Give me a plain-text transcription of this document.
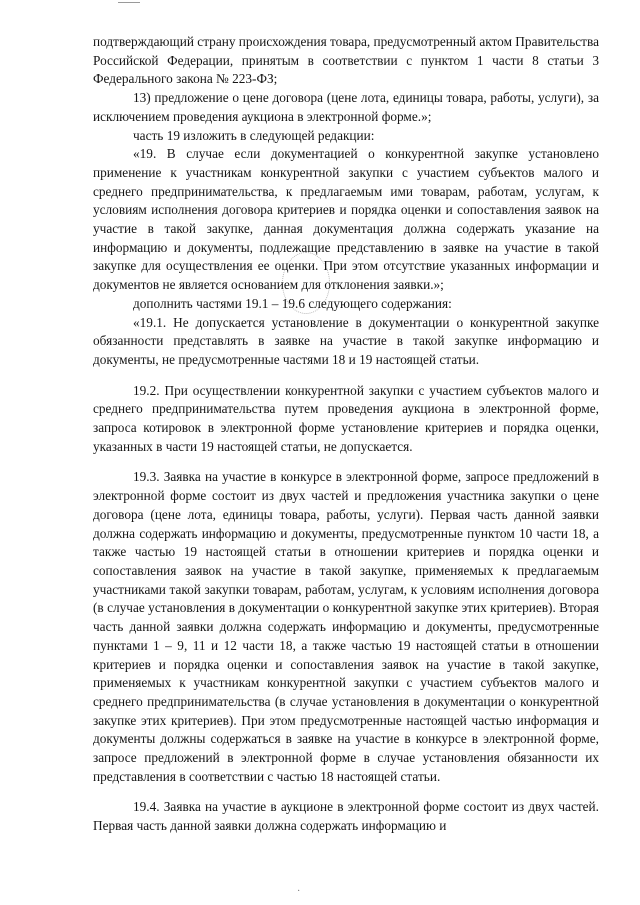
подтверждающий страну происхождения товара, предусмотренный актом Правительства Российской Федерации, принятым в соответствии с пунктом 1 части 8 статьи 3 Федерального закона № 223-ФЗ;

13) предложение о цене договора (цене лота, единицы товара, работы, услуги), за исключением проведения аукциона в электронной форме.»;

часть 19 изложить в следующей редакции:

«19. В случае если документацией о конкурентной закупке установлено применение к участникам конкурентной закупки с участием субъектов малого и среднего предпринимательства, к предлагаемым ими товарам, работам, услугам, к условиям исполнения договора критериев и порядка оценки и сопоставления заявок на участие в такой закупке, данная документация должна содержать указание на информацию и документы, подлежащие представлению в заявке на участие в такой закупке для осуществления ее оценки. При этом отсутствие указанных информации и документов не является основанием для отклонения заявки.»;

дополнить частями 19.1 – 19.6 следующего содержания:

«19.1. Не допускается установление в документации о конкурентной закупке обязанности представлять в заявке на участие в такой закупке информацию и документы, не предусмотренные частями 18 и 19 настоящей статьи.

19.2. При осуществлении конкурентной закупки с участием субъектов малого и среднего предпринимательства путем проведения аукциона в электронной форме, запроса котировок в электронной форме установление критериев и порядка оценки, указанных в части 19 настоящей статьи, не допускается.

19.3. Заявка на участие в конкурсе в электронной форме, запросе предложений в электронной форме состоит из двух частей и предложения участника закупки о цене договора (цене лота, единицы товара, работы, услуги). Первая часть данной заявки должна содержать информацию и документы, предусмотренные пунктом 10 части 18, а также частью 19 настоящей статьи в отношении критериев и порядка оценки и сопоставления заявок на участие в такой закупке, применяемых к предлагаемым участниками такой закупки товарам, работам, услугам, к условиям исполнения договора (в случае установления в документации о конкурентной закупке этих критериев). Вторая часть данной заявки должна содержать информацию и документы, предусмотренные пунктами 1 – 9, 11 и 12 части 18, а также частью 19 настоящей статьи в отношении критериев и порядка оценки и сопоставления заявок на участие в такой закупке, применяемых к участникам конкурентной закупки с участием субъектов малого и среднего предпринимательства (в случае установления в документации о конкурентной закупке этих критериев). При этом предусмотренные настоящей частью информация и документы должны содержаться в заявке на участие в конкурсе в электронной форме, запросе предложений в электронной форме в случае установления обязанности их представления в соответствии с частью 18 настоящей статьи.

19.4. Заявка на участие в аукционе в электронной форме состоит из двух частей. Первая часть данной заявки должна содержать информацию и

·
